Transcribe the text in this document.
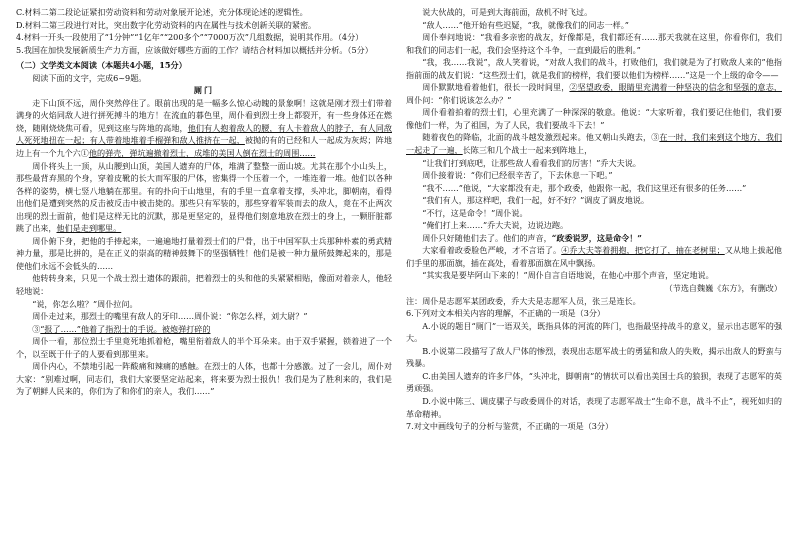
C.材料二第二段论证紧扣劳动资料和劳动对象展开论述，充分体现论述的逻辑性。

D.材料二第三段进行对比，突出数字化劳动资料的内在属性与技术创新关联的紧密。

4.材料一开头一段使用了“1分钟”“1亿年”“200多个”“7000万次”几组数据，说明其作用。（4分）

5.我国在加快发展新质生产力方面，应该做好哪些方面的工作？请结合材料加以概括并分析。（5分）

（二）文学类文本阅读（本题共4小题，15分）

阅读下面的文字，完成6~9题。

厕门

走下山顶不远，周仆突然停住了。眼前出现的是一幅多么惊心动魄的景象啊！这就是刚才烈士们带着满身的火焰同敌人进行拼死搏斗的地方！在流血的暮色里，周仆看到烈士身上都裂开，有一些身体还在燃烧，随刚烧烧焦可看，见到这座与阵地的高地，他们有人抱着敌人的腰，有人卡着敌人的脖子，有人同敌人死死地扭在一起；有人带着地堆着手榴弹和敌人推挤在一起，被抛的有的已经和人一起成为灰烬；阵地边上有一个九个六①他的弹壳，弹坑遍撤着烈士，成堆的美国人倒在烈士的周围……

周仆将头上一顶，从山腰到山顶，美国人遗弃的尸体，堆满了整整一面山坡。尤其在那个小山头上，那些最背弃黑的个身，穿着皮靴的长大而军服的尸体，密集得一个压着一个，一堆连着一堆。他们以各种各样的姿势，横七竖八地躺在那里。有的扑向于山地里，有的手里一直拿着支撑，头冲北，脚朝南，看得出他们是遭到突然的反击被反击中被击毙的。那些只有军装的，那些穿着军装而去的敌人，竟在不止两次出现的烈士面前，他们是这样无比的沉默，那是更坚定的，显得他们刻意地放在烈士的身上，一颗肝脏都跳了出来，他们是走到哪里。

周仆俯下身，把他的手捧起来，一遍遍地打量着烈士们的尸骨，出于中国军队士兵那种朴素的勇武精神力量，那是比拼的，是在正义的崇高的精神鼓舞下的坚强牺牲！他们是被一种力量所鼓舞起来的，那是使他们永远不会低头的……

他转转身来，只见一个战士烈士遗体的跟前，把着烈士的头和他的头紧紧相贴，像面对着亲人，他轻轻地说：

“说，你怎么啦？”周仆拉问。

周仆走过来，那烈士的嘴里有敌人的牙印……周仆说：“你怎么样，刘大尉？”

③“报了……”他着了指烈士的手说。被炮弹打碎的

周仆一看，那位烈士手里竟死地抓着枪，嘴里衔着敌人的半个耳朵来。由于双手紧握，锁着进了一个个，以至既于什子的人要看到那里来。

周仆内心，不禁地引起一阵酸痛和辣痛的感触。在烈士的人体，也都十分感激。过了一会儿，周仆对大家：“别难过啊，同志们，我们大家要坚定站起来，将来要为烈士报仇！我们是为了胜利来的，我们是为了朝鲜人民来的，你们为了和你们的亲人，我们……”

说大伙战的，可是到大海前面，敌机不时飞过。

“敌人……”他开始有些迟疑，“我，就像我们的同志一样。”

周仆奉问地说：“我看多亲密的战友，好像都是，我们都还有……那天我就在这里，你看你们，我们和我们的同志们一起，我们会坚持这个斗争，一直到最后的胜利。”

“我，我……我说”，敌人笑着说，“对敌人我们的战斗，打败他们，我们就是为了打败敌人来的”他指指前面的战友们说：“这些烈士们，就是我们的榜样，我们要以他们为榜样……”这是一个上级的命令——

周仆默默地看着他们，很长一段时间里，②坚望政委，眼睛里充满着一种坚决的信念和坚强的意志，周仆问：“你们说该怎么办？”

周仆看着拍着的烈士们，心里充满了一种深深的敬意。他说：“大家听着，我们要记住他们，我们要像他们一样，为了祖国，为了人民，我们要战斗下去！”

随着夜色的降临，北面的战斗越发激烈起来。他又朝山头跑去，③在一时，我们来到这个地方，我们一起走了一遍，长陈三和几个战士一起来到阵地上，

“让我们打到底吧，让那些敌人看看我们的厉害！”乔大夫说。

周仆接着说：“你们已经很辛苦了，下去休息一下吧。”

“我不……”他说，“大家都没有走，那个政委，他跟你一起，我们这里还有很多的任务……”

“我们有人，那这样吧，我们一起，好不好？”调皮了调皮地说。

“不行，这是命令！”周仆说。

“俺们打上来……”乔大夫说，边说边跑。

周仆只好随他们去了。他们的声音，“政委说罗，这是命令！”

大家看着政委脸色严峻，才不言语了。④乔大夫等着拥抱，把它打了，抽在老树里；又从地上拔起他们手里的那面旗，插在高处，看着那面旗在风中飘扬。

“其实我是要毕阿山下来的！”周仆自言自语地说，在他心中那个声音，坚定地说。

（节选自魏巍《东方》，有删改）

注：周仆是志愿军某团政委，乔大夫是志愿军人员，张三是连长。

6.下列对文本相关内容的理解，不正确的一项是（3分）

A.小说的题目“厕门”一语双关，既指具体的河流的阵门，也指最坚持战斗的意义，显示出志愿军的强大。

B.小说第二段描写了敌人尸体的惨烈，表现出志愿军战士的勇猛和敌人的失败，揭示出敌人的野蛮与残暴。

C.由美国人遗弃的许多尸体，“头冲北，脚朝南”的情状可以看出美国士兵的狼狈，表现了志愿军的英勇顽强。

D.小说中陈三、调皮骡子与政委周仆的对话，表现了志愿军战士“生命不息，战斗不止”，视死如归的革命精神。

7.对文中画线句子的分析与鉴赏，不正确的一项是（3分）
